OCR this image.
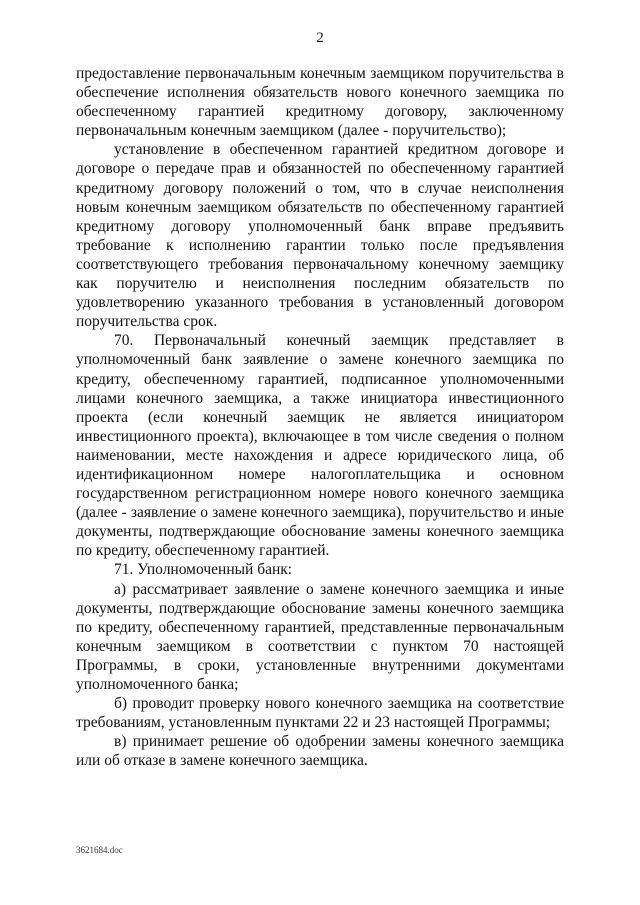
2

предоставление первоначальным конечным заемщиком поручительства в обеспечение исполнения обязательств нового конечного заемщика по обеспеченному гарантией кредитному договору, заключенному первоначальным конечным заемщиком (далее - поручительство);

установление в обеспеченном гарантией кредитном договоре и договоре о передаче прав и обязанностей по обеспеченному гарантией кредитному договору положений о том, что в случае неисполнения новым конечным заемщиком обязательств по обеспеченному гарантией кредитному договору уполномоченный банк вправе предъявить требование к исполнению гарантии только после предъявления соответствующего требования первоначальному конечному заемщику как поручителю и неисполнения последним обязательств по удовлетворению указанного требования в установленный договором поручительства срок.

70. Первоначальный конечный заемщик представляет в уполномоченный банк заявление о замене конечного заемщика по кредиту, обеспеченному гарантией, подписанное уполномоченными лицами конечного заемщика, а также инициатора инвестиционного проекта (если конечный заемщик не является инициатором инвестиционного проекта), включающее в том числе сведения о полном наименовании, месте нахождения и адресе юридического лица, об идентификационном номере налогоплательщика и основном государственном регистрационном номере нового конечного заемщика (далее - заявление о замене конечного заемщика), поручительство и иные документы, подтверждающие обоснование замены конечного заемщика по кредиту, обеспеченному гарантией.

71. Уполномоченный банк:

а) рассматривает заявление о замене конечного заемщика и иные документы, подтверждающие обоснование замены конечного заемщика по кредиту, обеспеченному гарантией, представленные первоначальным конечным заемщиком в соответствии с пунктом 70 настоящей Программы, в сроки, установленные внутренними документами уполномоченного банка;

б) проводит проверку нового конечного заемщика на соответствие требованиям, установленным пунктами 22 и 23 настоящей Программы;

в) принимает решение об одобрении замены конечного заемщика или об отказе в замене конечного заемщика.

3621684.doc
